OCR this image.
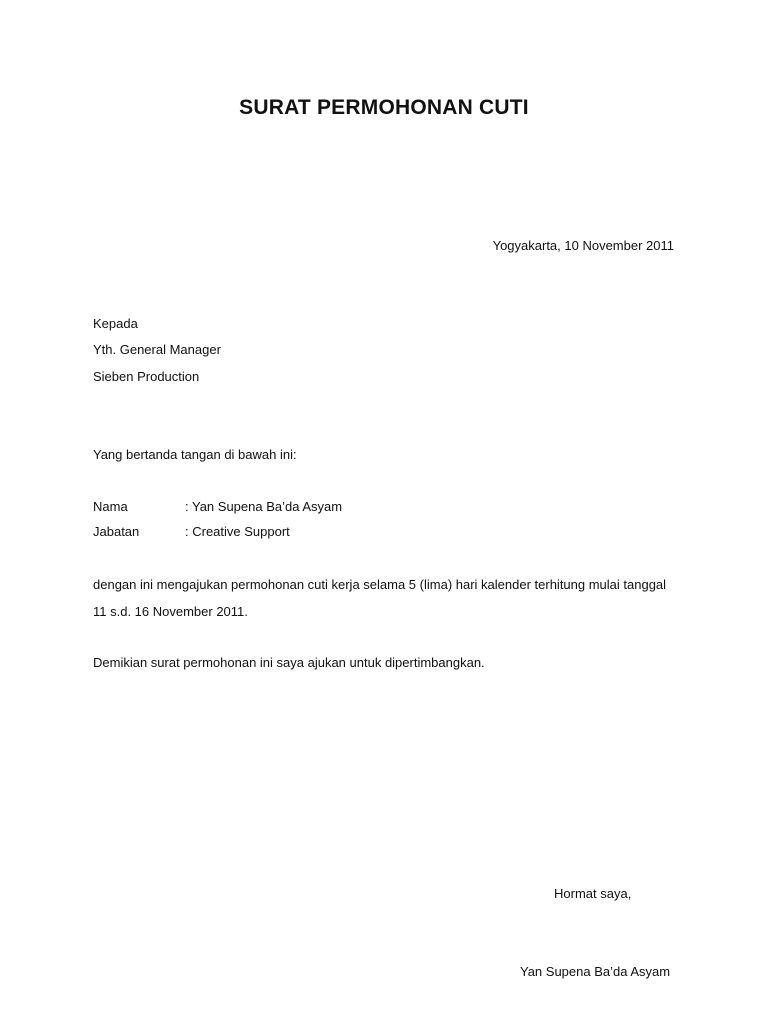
SURAT PERMOHONAN CUTI
Yogyakarta, 10 November 2011
Kepada
Yth. General Manager
Sieben Production
Yang bertanda tangan di bawah ini:
Nama	: Yan Supena Ba’da Asyam
Jabatan	: Creative Support
dengan ini mengajukan permohonan cuti kerja selama 5 (lima) hari kalender terhitung mulai tanggal
11 s.d. 16 November 2011.
Demikian surat permohonan ini saya ajukan untuk dipertimbangkan.
Hormat saya,
Yan Supena Ba’da Asyam
